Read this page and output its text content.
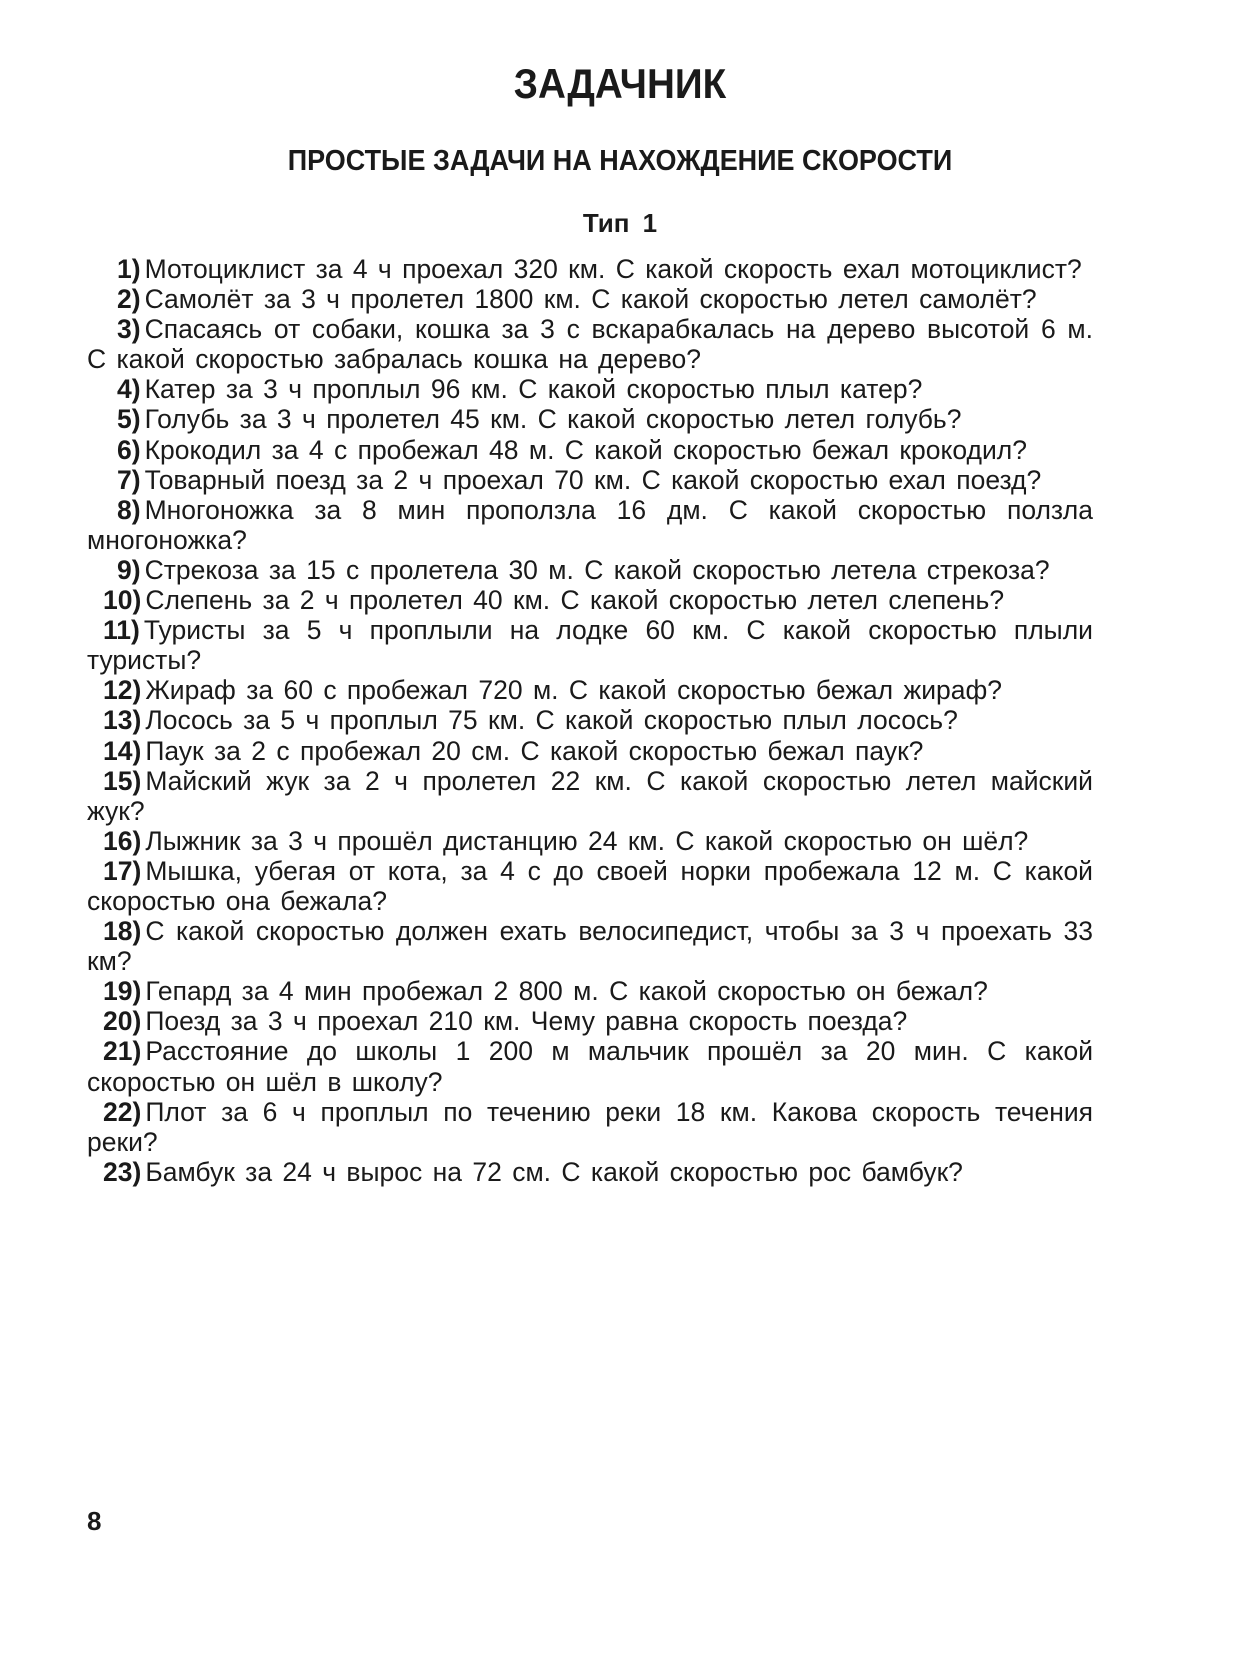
ЗАДАЧНИК
ПРОСТЫЕ ЗАДАЧИ НА НАХОЖДЕНИЕ СКОРОСТИ
Тип 1

1) Мотоциклист за 4 ч проехал 320 км. С какой скорость ехал мотоциклист?

2) Самолёт за 3 ч пролетел 1800 км. С какой скоростью летел самолёт?

3) Спасаясь от собаки, кошка за 3 с вскарабкалась на дерево высотой 6 м. С какой скоростью забралась кошка на дерево?

4) Катер за 3 ч проплыл 96 км. С какой скоростью плыл катер?

5) Голубь за 3 ч пролетел 45 км. С какой скоростью летел голубь?

6) Крокодил за 4 с пробежал 48 м. С какой скоростью бежал крокодил?

7) Товарный поезд за 2 ч проехал 70 км. С какой скоростью ехал поезд?

8) Многоножка за 8 мин проползла 16 дм. С какой скоростью ползла многоножка?

9) Стрекоза за 15 с пролетела 30 м. С какой скоростью летела стрекоза?

10) Слепень за 2 ч пролетел 40 км. С какой скоростью летел слепень?

11) Туристы за 5 ч проплыли на лодке 60 км. С какой скоростью плыли туристы?

12) Жираф за 60 с пробежал 720 м. С какой скоростью бежал жираф?

13) Лосось за 5 ч проплыл 75 км. С какой скоростью плыл лосось?

14) Паук за 2 с пробежал 20 см. С какой скоростью бежал паук?

15) Майский жук за 2 ч пролетел 22 км. С какой скоростью летел майский жук?

16) Лыжник за 3 ч прошёл дистанцию 24 км. С какой скоростью он шёл?

17) Мышка, убегая от кота, за 4 с до своей норки пробежала 12 м. С какой скоростью она бежала?

18) С какой скоростью должен ехать велосипедист, чтобы за 3 ч проехать 33 км?

19) Гепард за 4 мин пробежал 2 800 м. С какой скоростью он бежал?

20) Поезд за 3 ч проехал 210 км. Чему равна скорость поезда?

21) Расстояние до школы 1 200 м мальчик прошёл за 20 мин. С какой скоростью он шёл в школу?

22) Плот за 6 ч проплыл по течению реки 18 км. Какова скорость течения реки?

23) Бамбук за 24 ч вырос на 72 см. С какой скоростью рос бамбук?

8
